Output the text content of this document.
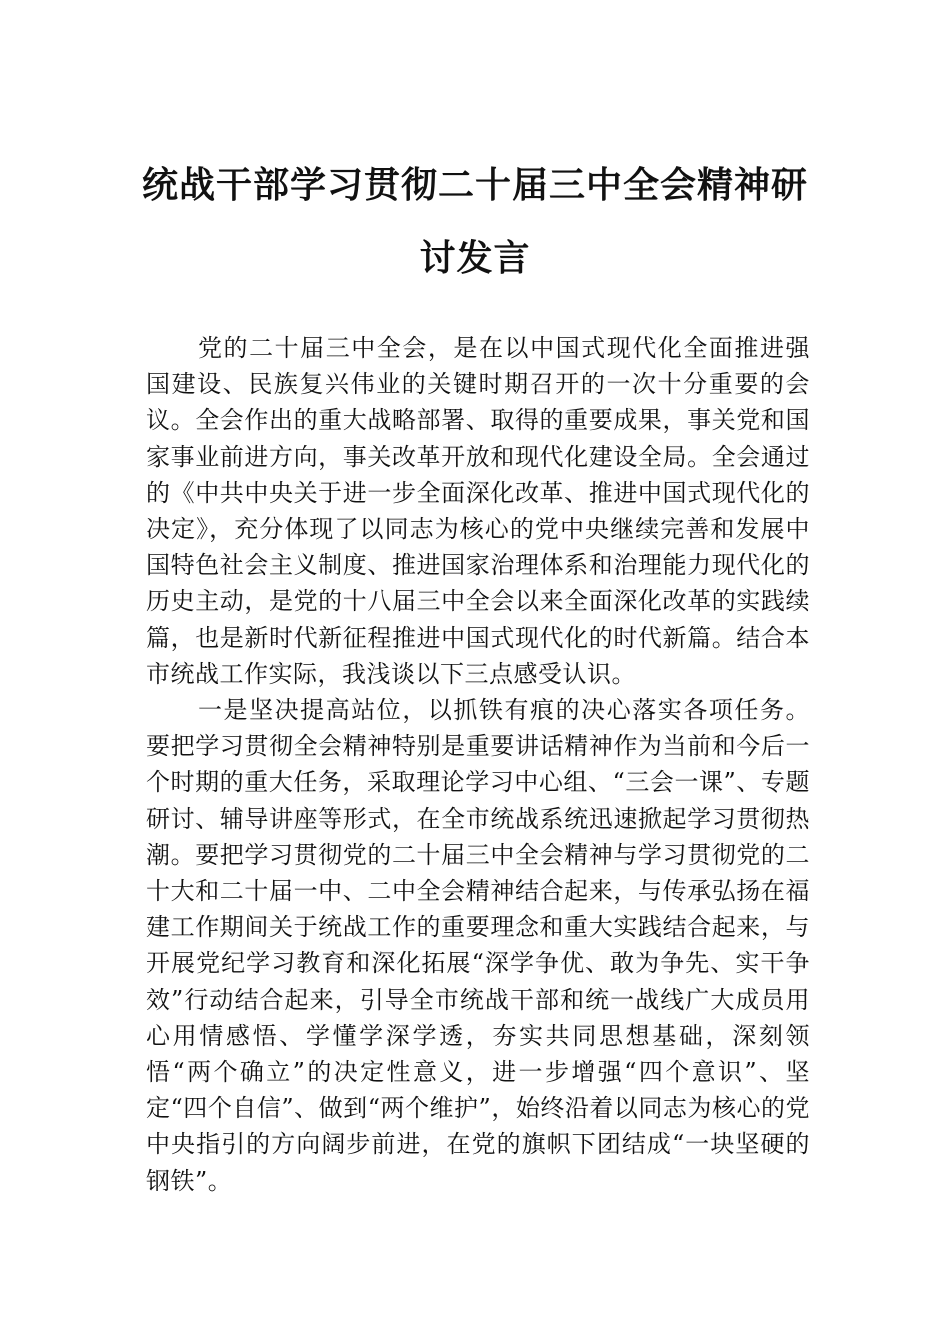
统战干部学习贯彻二十届三中全会精神研
讨发言

党的二十届三中全会，是在以中国式现代化全面推进强国建设、民族复兴伟业的关键时期召开的一次十分重要的会议。全会作出的重大战略部署、取得的重要成果，事关党和国家事业前进方向，事关改革开放和现代化建设全局。全会通过的《中共中央关于进一步全面深化改革、推进中国式现代化的决定》，充分体现了以同志为核心的党中央继续完善和发展中国特色社会主义制度、推进国家治理体系和治理能力现代化的历史主动，是党的十八届三中全会以来全面深化改革的实践续篇，也是新时代新征程推进中国式现代化的时代新篇。结合本市统战工作实际，我浅谈以下三点感受认识。

一是坚决提高站位，以抓铁有痕的决心落实各项任务。要把学习贯彻全会精神特别是重要讲话精神作为当前和今后一个时期的重大任务，采取理论学习中心组、“三会一课”、专题研讨、辅导讲座等形式，在全市统战系统迅速掀起学习贯彻热潮。要把学习贯彻党的二十届三中全会精神与学习贯彻党的二十大和二十届一中、二中全会精神结合起来，与传承弘扬在福建工作期间关于统战工作的重要理念和重大实践结合起来，与开展党纪学习教育和深化拓展“深学争优、敢为争先、实干争效”行动结合起来，引导全市统战干部和统一战线广大成员用心用情感悟、学懂学深学透，夯实共同思想基础，深刻领悟“两个确立”的决定性意义，进一步增强“四个意识”、坚定“四个自信”、做到“两个维护”，始终沿着以同志为核心的党中央指引的方向阔步前进，在党的旗帜下团结成“一块坚硬的钢铁”。
